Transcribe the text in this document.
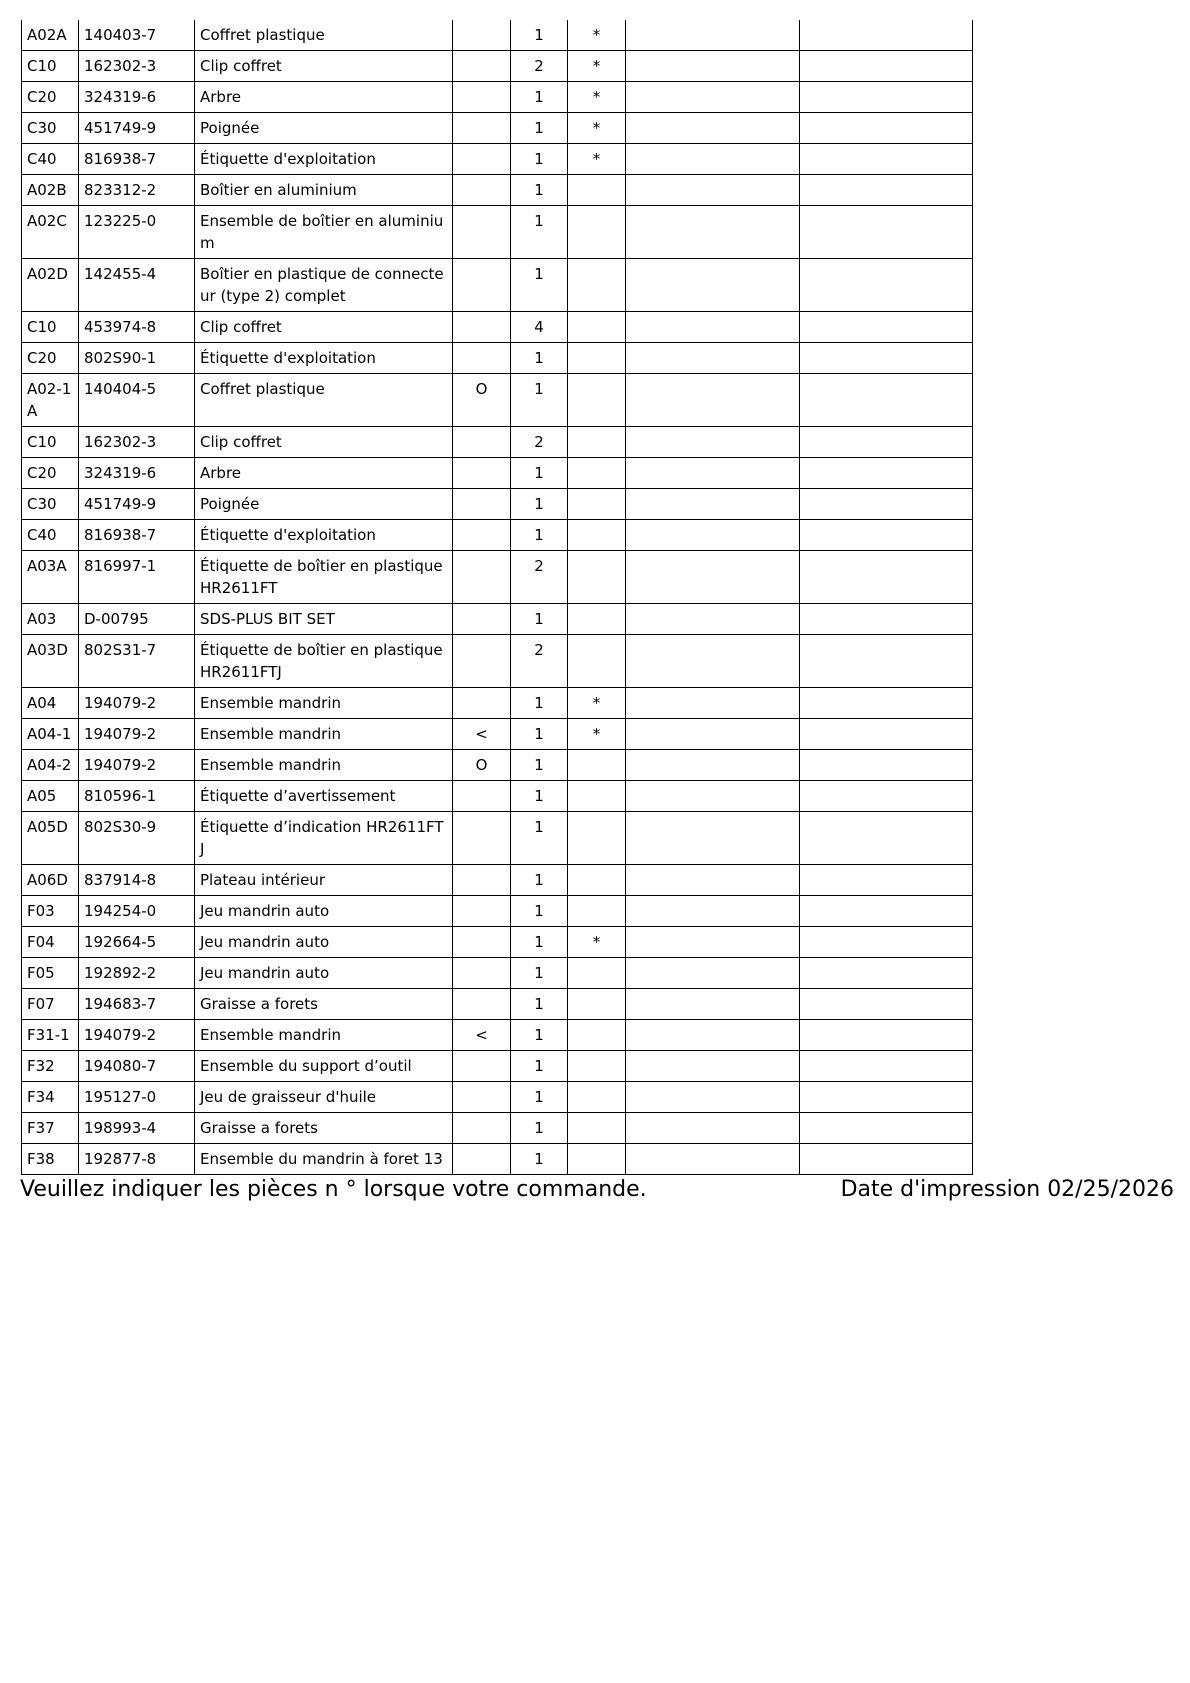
A02A	140403-7	Coffret plastique		1	*		
C10	162302-3	Clip coffret		2	*		
C20	324319-6	Arbre		1	*		
C30	451749-9	Poignée		1	*		
C40	816938-7	Étiquette d'exploitation		1	*		
A02B	823312-2	Boîtier en aluminium		1			
A02C	123225-0	Ensemble de boîtier en aluminium		1			
A02D	142455-4	Boîtier en plastique de connecteur (type 2) complet		1			
C10	453974-8	Clip coffret		4			
C20	802S90-1	Étiquette d'exploitation		1			
A02-1A	140404-5	Coffret plastique	O	1			
C10	162302-3	Clip coffret		2			
C20	324319-6	Arbre		1			
C30	451749-9	Poignée		1			
C40	816938-7	Étiquette d'exploitation		1			
A03A	816997-1	Étiquette de boîtier en plastique HR2611FT		2			
A03	D-00795	SDS-PLUS BIT SET		1			
A03D	802S31-7	Étiquette de boîtier en plastique HR2611FTJ		2			
A04	194079-2	Ensemble mandrin		1	*		
A04-1	194079-2	Ensemble mandrin	<	1	*		
A04-2	194079-2	Ensemble mandrin	O	1			
A05	810596-1	Étiquette d’avertissement		1			
A05D	802S30-9	Étiquette d’indication HR2611FTJ		1			
A06D	837914-8	Plateau intérieur		1			
F03	194254-0	Jeu mandrin auto		1			
F04	192664-5	Jeu mandrin auto		1	*		
F05	192892-2	Jeu mandrin auto		1			
F07	194683-7	Graisse a forets		1			
F31-1	194079-2	Ensemble mandrin	<	1			
F32	194080-7	Ensemble du support d’outil		1			
F34	195127-0	Jeu de graisseur d'huile		1			
F37	198993-4	Graisse a forets		1			
F38	192877-8	Ensemble du mandrin à foret 13		1			
Veuillez indiquer les pièces n ° lorsque votre commande.	Date d'impression 02/25/2026
